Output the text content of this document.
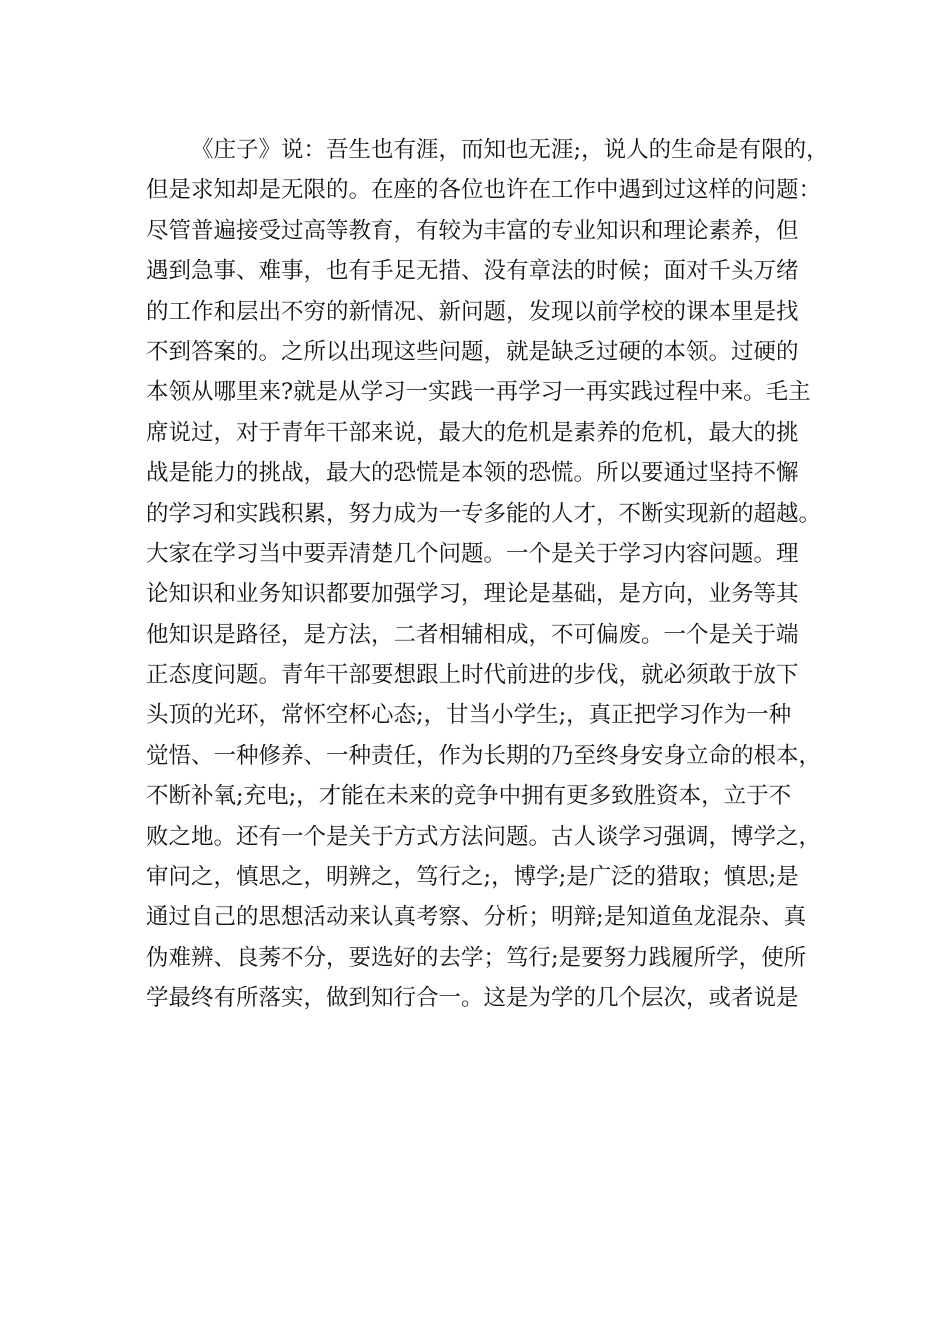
《庄子》说：吾生也有涯，而知也无涯;，说人的生命是有限的，
但是求知却是无限的。在座的各位也许在工作中遇到过这样的问题：
尽管普遍接受过高等教育，有较为丰富的专业知识和理论素养，但
遇到急事、难事，也有手足无措、没有章法的时候；面对千头万绪
的工作和层出不穷的新情况、新问题，发现以前学校的课本里是找
不到答案的。之所以出现这些问题，就是缺乏过硬的本领。过硬的
本领从哪里来?就是从学习一实践一再学习一再实践过程中来。毛主
席说过，对于青年干部来说，最大的危机是素养的危机，最大的挑
战是能力的挑战，最大的恐慌是本领的恐慌。所以要通过坚持不懈
的学习和实践积累，努力成为一专多能的人才，不断实现新的超越。
大家在学习当中要弄清楚几个问题。一个是关于学习内容问题。理
论知识和业务知识都要加强学习，理论是基础，是方向，业务等其
他知识是路径，是方法，二者相辅相成，不可偏废。一个是关于端
正态度问题。青年干部要想跟上时代前进的步伐，就必须敢于放下
头顶的光环，常怀空杯心态;，甘当小学生;，真正把学习作为一种
觉悟、一种修养、一种责任，作为长期的乃至终身安身立命的根本，
不断补氧;充电;，才能在未来的竞争中拥有更多致胜资本，立于不
败之地。还有一个是关于方式方法问题。古人谈学习强调，博学之，
审问之，慎思之，明辨之，笃行之;，博学;是广泛的猎取；慎思;是
通过自己的思想活动来认真考察、分析；明辩;是知道鱼龙混杂、真
伪难辨、良莠不分，要选好的去学；笃行;是要努力践履所学，使所
学最终有所落实，做到知行合一。这是为学的几个层次，或者说是
